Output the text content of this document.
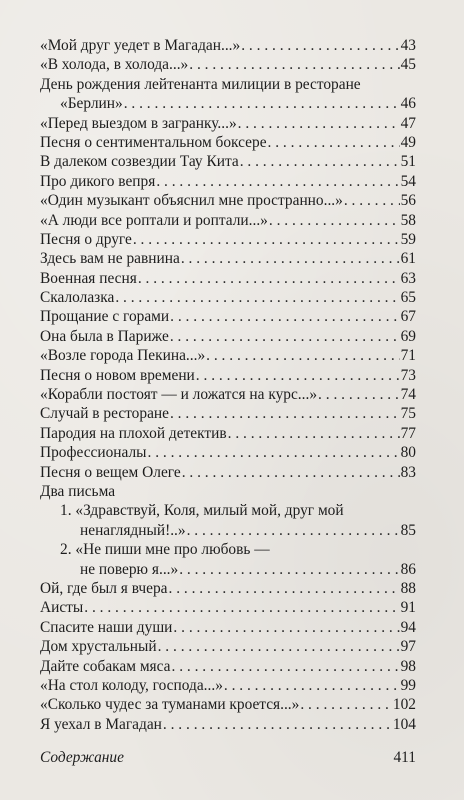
«Мой друг уедет в Магадан...» . . .	43
«В холода, в холода...» . . .	45
День рождения лейтенанта милиции в ресторане
«Берлин» . . .	46
«Перед выездом в загранку...» . . .	47
Песня о сентиментальном боксере . . .	49
В далеком созвездии Тау Кита . . .	51
Про дикого вепря . . .	54
«Один музыкант объяснил мне пространно...» . . .	56
«А люди все роптали и роптали...» . . .	58
Песня о друге . . .	59
Здесь вам не равнина . . .	61
Военная песня . . .	63
Скалолазка . . .	65
Прощание с горами . . .	67
Она была в Париже . . .	69
«Возле города Пекина...» . . .	71
Песня о новом времени . . .	73
«Корабли постоят — и ложатся на курс...» . . .	74
Случай в ресторане . . .	75
Пародия на плохой детектив . . .	77
Профессионалы . . .	80
Песня о вещем Олеге . . .	83
Два письма
1. «Здравствуй, Коля, милый мой, друг мой
ненаглядный!..» . . .	85
2. «Не пиши мне про любовь —
не поверю я...» . . .	86
Ой, где был я вчера . . .	88
Аисты . . .	91
Спасите наши души . . .	94
Дом хрустальный . . .	97
Дайте собакам мяса . . .	98
«На стол колоду, господа...» . . .	99
«Сколько чудес за туманами кроется...» . . .	102
Я уехал в Магадан . . .	104
Содержание	411
